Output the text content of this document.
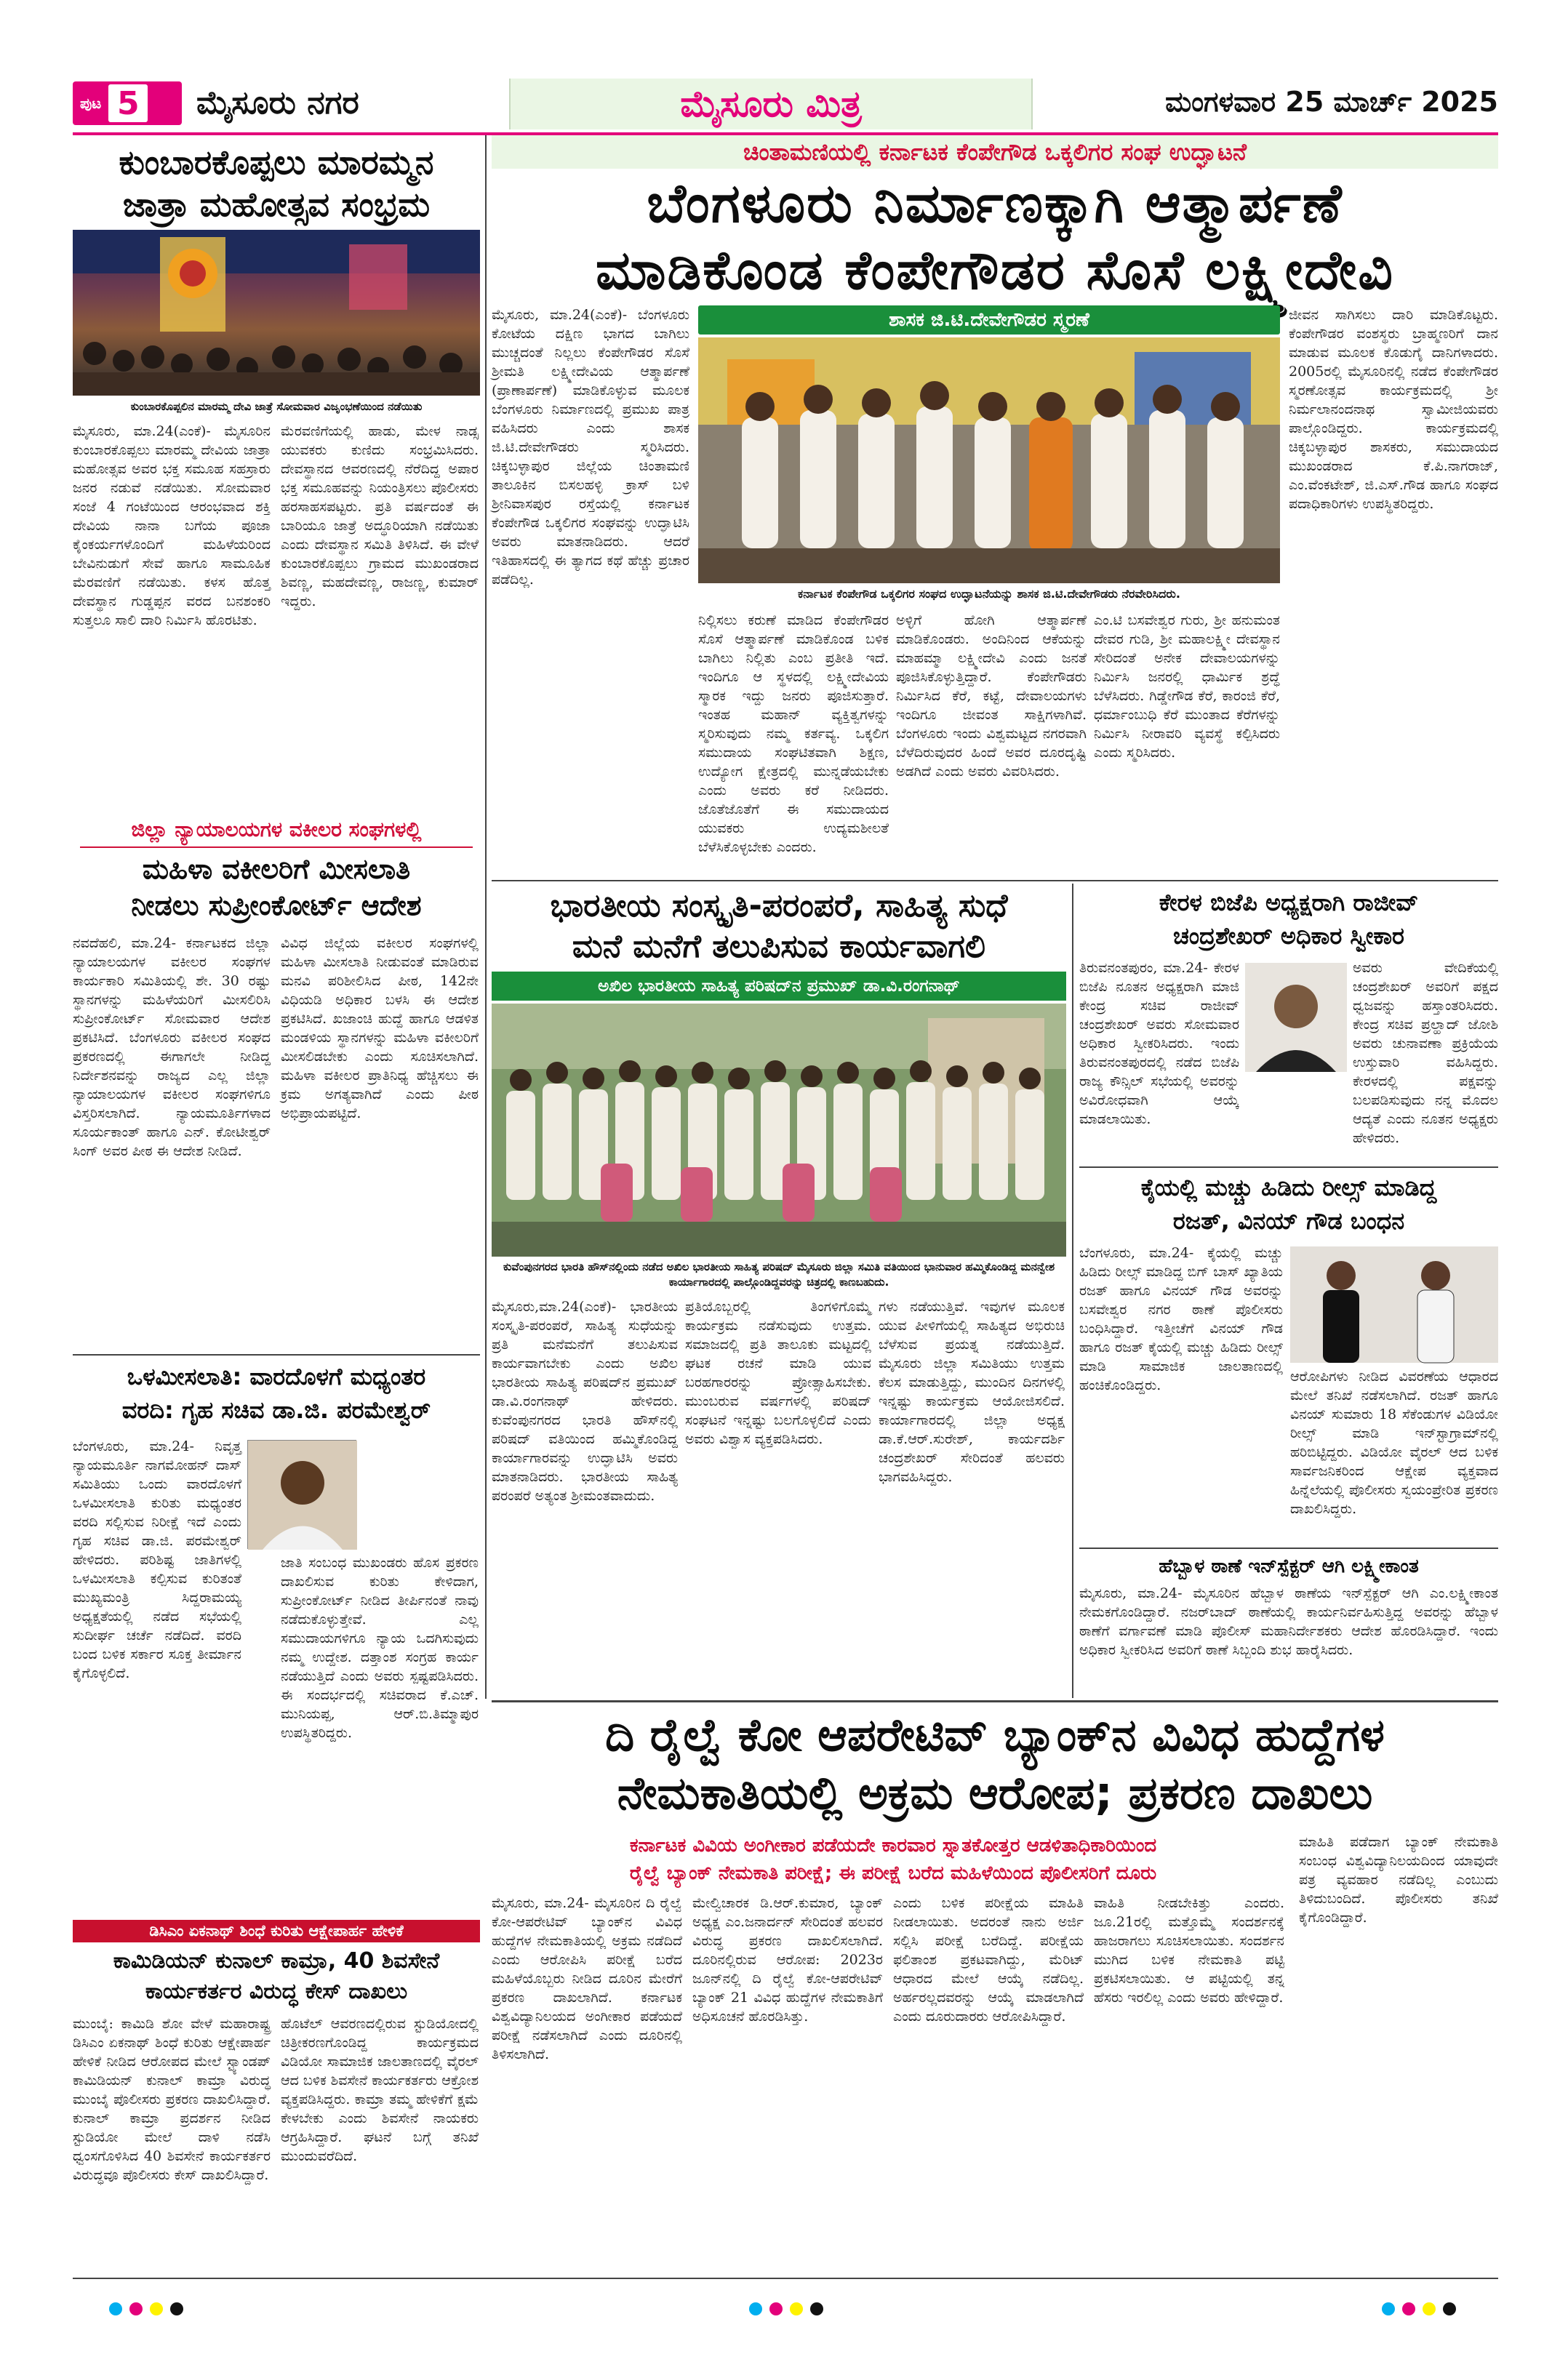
ಪುಟ 5 ಮೈಸೂರು ನಗರ	ಮೈಸೂರು ಮಿತ್ರ	ಮಂಗಳವಾರ 25 ಮಾರ್ಚ್ 2025
ಕುಂಬಾರಕೊಪ್ಪಲು ಮಾರಮ್ಮನ
ಜಾತ್ರಾ ಮಹೋತ್ಸವ ಸಂಭ್ರಮ
ಕುಂಬಾರಕೊಪ್ಪಲಿನ ಮಾರಮ್ಮ ದೇವಿ ಜಾತ್ರೆ ಸೋಮವಾರ ವಿಜೃಂಭಣೆಯಿಂದ ನಡೆಯಿತು
ಮೈಸೂರು, ಮಾ.24(ಎಂಕೆ)- ಮೈಸೂರಿನ ಕುಂಬಾರಕೊಪ್ಪಲು ಮಾರಮ್ಮ ದೇವಿಯ ಜಾತ್ರಾ ಮಹೋತ್ಸವ ಅವರ ಭಕ್ತ ಸಮೂಹ ಸಹಸ್ರಾರು ಜನರ ನಡುವೆ ನಡೆಯಿತು. ಸೋಮವಾರ ಸಂಜೆ 4 ಗಂಟೆಯಿಂದ ಆರಂಭವಾದ ಶಕ್ತಿ ದೇವಿಯ ನಾನಾ ಬಗೆಯ ಪೂಜಾ ಕೈಂಕರ್ಯಗಳೊಂದಿಗೆ ಮಹಿಳೆಯರಿಂದ ಬೇವಿನುಡುಗೆ ಸೇವೆ ಹಾಗೂ ಸಾಮೂಹಿಕ ಮೆರವಣಿಗೆ ನಡೆಯಿತು. ಕಳಸ ಹೊತ್ತ ದೇವಸ್ಥಾನ ಗುಡ್ಡಪ್ಪನ ವರದ ಬನಶಂಕರಿ ಸುತ್ತಲೂ ಸಾಲಿ ದಾರಿ ನಿರ್ಮಿಸಿ ಹೊರಟಿತು.
ಮೆರವಣಿಗೆಯಲ್ಲಿ ಹಾಡು, ಮೇಳ ನಾಡ್ಸ ಯುವಕರು ಕುಣಿದು ಸಂಭ್ರಮಿಸಿದರು. ದೇವಸ್ಥಾನದ ಆವರಣದಲ್ಲಿ ನೆರೆದಿದ್ದ ಅಪಾರ ಭಕ್ತ ಸಮೂಹವನ್ನು ನಿಯಂತ್ರಿಸಲು ಪೊಲೀಸರು ಹರಸಾಹಸಪಟ್ಟರು. ಪ್ರತಿ ವರ್ಷದಂತೆ ಈ ಬಾರಿಯೂ ಜಾತ್ರೆ ಅದ್ಧೂರಿಯಾಗಿ ನಡೆಯಿತು ಎಂದು ದೇವಸ್ಥಾನ ಸಮಿತಿ ತಿಳಿಸಿದೆ. ಈ ವೇಳೆ ಕುಂಬಾರಕೊಪ್ಪಲು ಗ್ರಾಮದ ಮುಖಂಡರಾದ ಶಿವಣ್ಣ, ಮಹದೇವಣ್ಣ, ರಾಜಣ್ಣ, ಕುಮಾರ್ ಇದ್ದರು.
ಜಿಲ್ಲಾ ನ್ಯಾಯಾಲಯಗಳ ವಕೀಲರ ಸಂಘಗಳಲ್ಲಿ
ಮಹಿಳಾ ವಕೀಲರಿಗೆ ಮೀಸಲಾತಿ
ನೀಡಲು ಸುಪ್ರೀಂಕೋರ್ಟ್ ಆದೇಶ
ನವದೆಹಲಿ, ಮಾ.24- ಕರ್ನಾಟಕದ ಜಿಲ್ಲಾ ನ್ಯಾಯಾಲಯಗಳ ವಕೀಲರ ಸಂಘಗಳ ಕಾರ್ಯಕಾರಿ ಸಮಿತಿಯಲ್ಲಿ ಶೇ. 30 ರಷ್ಟು ಸ್ಥಾನಗಳನ್ನು ಮಹಿಳೆಯರಿಗೆ ಮೀಸಲಿರಿಸಿ ಸುಪ್ರೀಂಕೋರ್ಟ್ ಸೋಮವಾರ ಆದೇಶ ಪ್ರಕಟಿಸಿದೆ. ಬೆಂಗಳೂರು ವಕೀಲರ ಸಂಘದ ಪ್ರಕರಣದಲ್ಲಿ ಈಗಾಗಲೇ ನೀಡಿದ್ದ ನಿರ್ದೇಶನವನ್ನು ರಾಜ್ಯದ ಎಲ್ಲ ಜಿಲ್ಲಾ ನ್ಯಾಯಾಲಯಗಳ ವಕೀಲರ ಸಂಘಗಳಿಗೂ ವಿಸ್ತರಿಸಲಾಗಿದೆ. ನ್ಯಾಯಮೂರ್ತಿಗಳಾದ ಸೂರ್ಯಕಾಂತ್ ಹಾಗೂ ಎನ್. ಕೋಟೀಶ್ವರ್ ಸಿಂಗ್ ಅವರ ಪೀಠ ಈ ಆದೇಶ ನೀಡಿದೆ.
ವಿವಿಧ ಜಿಲ್ಲೆಯ ವಕೀಲರ ಸಂಘಗಳಲ್ಲಿ ಮಹಿಳಾ ಮೀಸಲಾತಿ ನೀಡುವಂತೆ ಮಾಡಿರುವ ಮನವಿ ಪರಿಶೀಲಿಸಿದ ಪೀಠ, 142ನೇ ವಿಧಿಯಡಿ ಅಧಿಕಾರ ಬಳಸಿ ಈ ಆದೇಶ ಪ್ರಕಟಿಸಿದೆ. ಖಜಾಂಚಿ ಹುದ್ದೆ ಹಾಗೂ ಆಡಳಿತ ಮಂಡಳಿಯ ಸ್ಥಾನಗಳನ್ನು ಮಹಿಳಾ ವಕೀಲರಿಗೆ ಮೀಸಲಿಡಬೇಕು ಎಂದು ಸೂಚಿಸಲಾಗಿದೆ. ಮಹಿಳಾ ವಕೀಲರ ಪ್ರಾತಿನಿಧ್ಯ ಹೆಚ್ಚಿಸಲು ಈ ಕ್ರಮ ಅಗತ್ಯವಾಗಿದೆ ಎಂದು ಪೀಠ ಅಭಿಪ್ರಾಯಪಟ್ಟಿದೆ.
ಒಳಮೀಸಲಾತಿ: ವಾರದೊಳಗೆ ಮಧ್ಯಂತರ
ವರದಿ: ಗೃಹ ಸಚಿವ ಡಾ.ಜಿ. ಪರಮೇಶ್ವರ್
ಬೆಂಗಳೂರು, ಮಾ.24- ನಿವೃತ್ತ ನ್ಯಾಯಮೂರ್ತಿ ನಾಗಮೋಹನ್ ದಾಸ್ ಸಮಿತಿಯು ಒಂದು ವಾರದೊಳಗೆ ಒಳಮೀಸಲಾತಿ ಕುರಿತು ಮಧ್ಯಂತರ ವರದಿ ಸಲ್ಲಿಸುವ ನಿರೀಕ್ಷೆ ಇದೆ ಎಂದು ಗೃಹ ಸಚಿವ ಡಾ.ಜಿ. ಪರಮೇಶ್ವರ್ ಹೇಳಿದರು. ಪರಿಶಿಷ್ಟ ಜಾತಿಗಳಲ್ಲಿ ಒಳಮೀಸಲಾತಿ ಕಲ್ಪಿಸುವ ಕುರಿತಂತೆ ಮುಖ್ಯಮಂತ್ರಿ ಸಿದ್ದರಾಮಯ್ಯ ಅಧ್ಯಕ್ಷತೆಯಲ್ಲಿ ನಡೆದ ಸಭೆಯಲ್ಲಿ ಸುದೀರ್ಘ ಚರ್ಚೆ ನಡೆದಿದೆ. ವರದಿ ಬಂದ ಬಳಿಕ ಸರ್ಕಾರ ಸೂಕ್ತ ತೀರ್ಮಾನ ಕೈಗೊಳ್ಳಲಿದೆ.
ಜಾತಿ ಸಂಬಂಧ ಮುಖಂಡರು ಹೊಸ ಪ್ರಕರಣ ದಾಖಲಿಸುವ ಕುರಿತು ಕೇಳಿದಾಗ, ಸುಪ್ರೀಂಕೋರ್ಟ್ ನೀಡಿದ ತೀರ್ಪಿನಂತೆ ನಾವು ನಡೆದುಕೊಳ್ಳುತ್ತೇವೆ. ಎಲ್ಲ ಸಮುದಾಯಗಳಿಗೂ ನ್ಯಾಯ ಒದಗಿಸುವುದು ನಮ್ಮ ಉದ್ದೇಶ. ದತ್ತಾಂಶ ಸಂಗ್ರಹ ಕಾರ್ಯ ನಡೆಯುತ್ತಿದೆ ಎಂದು ಅವರು ಸ್ಪಷ್ಟಪಡಿಸಿದರು. ಈ ಸಂದರ್ಭದಲ್ಲಿ ಸಚಿವರಾದ ಕೆ.ಎಚ್. ಮುನಿಯಪ್ಪ, ಆರ್.ಬಿ.ತಿಮ್ಮಾಪುರ ಉಪಸ್ಥಿತರಿದ್ದರು.
ಡಿಸಿಎಂ ಏಕನಾಥ್ ಶಿಂಧೆ ಕುರಿತು ಆಕ್ಷೇಪಾರ್ಹ ಹೇಳಿಕೆ
ಕಾಮಿಡಿಯನ್ ಕುನಾಲ್ ಕಾಮ್ರಾ, 40 ಶಿವಸೇನೆ
ಕಾರ್ಯಕರ್ತರ ವಿರುದ್ಧ ಕೇಸ್ ದಾಖಲು
ಮುಂಬೈ: ಕಾಮಿಡಿ ಶೋ ವೇಳೆ ಮಹಾರಾಷ್ಟ್ರ ಡಿಸಿಎಂ ಏಕನಾಥ್ ಶಿಂಧೆ ಕುರಿತು ಆಕ್ಷೇಪಾರ್ಹ ಹೇಳಿಕೆ ನೀಡಿದ ಆರೋಪದ ಮೇಲೆ ಸ್ಟ್ಯಾಂಡಪ್ ಕಾಮಿಡಿಯನ್ ಕುನಾಲ್ ಕಾಮ್ರಾ ವಿರುದ್ಧ ಮುಂಬೈ ಪೊಲೀಸರು ಪ್ರಕರಣ ದಾಖಲಿಸಿದ್ದಾರೆ. ಕುನಾಲ್ ಕಾಮ್ರಾ ಪ್ರದರ್ಶನ ನೀಡಿದ ಸ್ಟುಡಿಯೋ ಮೇಲೆ ದಾಳಿ ನಡೆಸಿ ಧ್ವಂಸಗೊಳಿಸಿದ 40 ಶಿವಸೇನೆ ಕಾರ್ಯಕರ್ತರ ವಿರುದ್ಧವೂ ಪೊಲೀಸರು ಕೇಸ್ ದಾಖಲಿಸಿದ್ದಾರೆ.
ಹೊಟೆಲ್ ಆವರಣದಲ್ಲಿರುವ ಸ್ಟುಡಿಯೋದಲ್ಲಿ ಚಿತ್ರೀಕರಣಗೊಂಡಿದ್ದ ಕಾರ್ಯಕ್ರಮದ ವಿಡಿಯೋ ಸಾಮಾಜಿಕ ಜಾಲತಾಣದಲ್ಲಿ ವೈರಲ್ ಆದ ಬಳಿಕ ಶಿವಸೇನೆ ಕಾರ್ಯಕರ್ತರು ಆಕ್ರೋಶ ವ್ಯಕ್ತಪಡಿಸಿದ್ದರು. ಕಾಮ್ರಾ ತಮ್ಮ ಹೇಳಿಕೆಗೆ ಕ್ಷಮೆ ಕೇಳಬೇಕು ಎಂದು ಶಿವಸೇನೆ ನಾಯಕರು ಆಗ್ರಹಿಸಿದ್ದಾರೆ. ಘಟನೆ ಬಗ್ಗೆ ತನಿಖೆ ಮುಂದುವರೆದಿದೆ.
ಚಿಂತಾಮಣಿಯಲ್ಲಿ ಕರ್ನಾಟಕ ಕೆಂಪೇಗೌಡ ಒಕ್ಕಲಿಗರ ಸಂಘ ಉದ್ಘಾಟನೆ
ಬೆಂಗಳೂರು ನಿರ್ಮಾಣಕ್ಕಾಗಿ ಆತ್ಮಾರ್ಪಣೆ
ಮಾಡಿಕೊಂಡ ಕೆಂಪೇಗೌಡರ ಸೊಸೆ ಲಕ್ಷ್ಮೀದೇವಿ
ಶಾಸಕ ಜಿ.ಟಿ.ದೇವೇಗೌಡರ ಸ್ಮರಣೆ
ಮೈಸೂರು, ಮಾ.24(ಎಂಕೆ)- ಬೆಂಗಳೂರು ಕೋಟೆಯ ದಕ್ಷಿಣ ಭಾಗದ ಬಾಗಿಲು ಮುಚ್ಚದಂತೆ ನಿಲ್ಲಲು ಕೆಂಪೇಗೌಡರ ಸೊಸೆ ಶ್ರೀಮತಿ ಲಕ್ಷ್ಮೀದೇವಿಯ ಆತ್ಮಾರ್ಪಣೆ (ಪ್ರಾಣಾರ್ಪಣೆ) ಮಾಡಿಕೊಳ್ಳುವ ಮೂಲಕ ಬೆಂಗಳೂರು ನಿರ್ಮಾಣದಲ್ಲಿ ಪ್ರಮುಖ ಪಾತ್ರ ವಹಿಸಿದರು ಎಂದು ಶಾಸಕ ಜಿ.ಟಿ.ದೇವೇಗೌಡರು ಸ್ಮರಿಸಿದರು. ಚಿಕ್ಕಬಳ್ಳಾಪುರ ಜಿಲ್ಲೆಯ ಚಿಂತಾಮಣಿ ತಾಲೂಕಿನ ಬಿಸಲಹಳ್ಳಿ ಕ್ರಾಸ್ ಬಳಿ ಶ್ರೀನಿವಾಸಪುರ ರಸ್ತೆಯಲ್ಲಿ ಕರ್ನಾಟಕ ಕೆಂಪೇಗೌಡ ಒಕ್ಕಲಿಗರ ಸಂಘವನ್ನು ಉದ್ಘಾಟಿಸಿ ಅವರು ಮಾತನಾಡಿದರು. ಆದರೆ ಇತಿಹಾಸದಲ್ಲಿ ಈ ತ್ಯಾಗದ ಕಥೆ ಹೆಚ್ಚು ಪ್ರಚಾರ ಪಡೆದಿಲ್ಲ.
ಕರ್ನಾಟಕ ಕೆಂಪೇಗೌಡ ಒಕ್ಕಲಿಗರ ಸಂಘದ ಉದ್ಘಾಟನೆಯನ್ನು ಶಾಸಕ ಜಿ.ಟಿ.ದೇವೇಗೌಡರು ನೆರವೇರಿಸಿದರು.
ನಿಲ್ಲಿಸಲು ಕರುಣೆ ಮಾಡಿದ ಕೆಂಪೇಗೌಡರ ಸೊಸೆ ಆತ್ಮಾರ್ಪಣೆ ಮಾಡಿಕೊಂಡ ಬಳಿಕ ಬಾಗಿಲು ನಿಲ್ಲಿತು ಎಂಬ ಪ್ರತೀತಿ ಇದೆ. ಇಂದಿಗೂ ಆ ಸ್ಥಳದಲ್ಲಿ ಲಕ್ಷ್ಮೀದೇವಿಯ ಸ್ಮಾರಕ ಇದ್ದು ಜನರು ಪೂಜಿಸುತ್ತಾರೆ. ಇಂತಹ ಮಹಾನ್ ವ್ಯಕ್ತಿತ್ವಗಳನ್ನು ಸ್ಮರಿಸುವುದು ನಮ್ಮ ಕರ್ತವ್ಯ. ಒಕ್ಕಲಿಗ ಸಮುದಾಯ ಸಂಘಟಿತವಾಗಿ ಶಿಕ್ಷಣ, ಉದ್ಯೋಗ ಕ್ಷೇತ್ರದಲ್ಲಿ ಮುನ್ನಡೆಯಬೇಕು ಎಂದು ಅವರು ಕರೆ ನೀಡಿದರು. ಜೊತೆಜೊತೆಗೆ ಈ ಸಮುದಾಯದ ಯುವಕರು ಉದ್ಯಮಶೀಲತೆ ಬೆಳೆಸಿಕೊಳ್ಳಬೇಕು ಎಂದರು.
ಅಳ್ಳಿಗೆ ಹೋಗಿ ಆತ್ಮಾರ್ಪಣೆ ಮಾಡಿಕೊಂಡರು. ಅಂದಿನಿಂದ ಆಕೆಯನ್ನು ಮಾಹಮ್ಮಾ ಲಕ್ಷ್ಮೀದೇವಿ ಎಂದು ಜನತೆ ಪೂಜಿಸಿಕೊಳ್ಳುತ್ತಿದ್ದಾರೆ. ಕೆಂಪೇಗೌಡರು ನಿರ್ಮಿಸಿದ ಕೆರೆ, ಕಟ್ಟೆ, ದೇವಾಲಯಗಳು ಇಂದಿಗೂ ಜೀವಂತ ಸಾಕ್ಷಿಗಳಾಗಿವೆ. ಬೆಂಗಳೂರು ಇಂದು ವಿಶ್ವಮಟ್ಟದ ನಗರವಾಗಿ ಬೆಳೆದಿರುವುದರ ಹಿಂದೆ ಅವರ ದೂರದೃಷ್ಟಿ ಅಡಗಿದೆ ಎಂದು ಅವರು ವಿವರಿಸಿದರು.
ಎಂ.ಟಿ ಬಸವೇಶ್ವರ ಗುರು, ಶ್ರೀ ಹನುಮಂತ ದೇವರ ಗುಡಿ, ಶ್ರೀ ಮಹಾಲಕ್ಷ್ಮೀ ದೇವಸ್ಥಾನ ಸೇರಿದಂತೆ ಅನೇಕ ದೇವಾಲಯಗಳನ್ನು ನಿರ್ಮಿಸಿ ಜನರಲ್ಲಿ ಧಾರ್ಮಿಕ ಶ್ರದ್ಧೆ ಬೆಳೆಸಿದರು. ಗಿಡ್ಡೇಗೌಡ ಕೆರೆ, ಕಾರಂಜಿ ಕೆರೆ, ಧರ್ಮಾಂಬುಧಿ ಕೆರೆ ಮುಂತಾದ ಕೆರೆಗಳನ್ನು ನಿರ್ಮಿಸಿ ನೀರಾವರಿ ವ್ಯವಸ್ಥೆ ಕಲ್ಪಿಸಿದರು ಎಂದು ಸ್ಮರಿಸಿದರು.
ಜೀವನ ಸಾಗಿಸಲು ದಾರಿ ಮಾಡಿಕೊಟ್ಟರು. ಕೆಂಪೇಗೌಡರ ವಂಶಸ್ಥರು ಬ್ರಾಹ್ಮಣರಿಗೆ ದಾನ ಮಾಡುವ ಮೂಲಕ ಕೊಡುಗೈ ದಾನಿಗಳಾದರು. 2005ರಲ್ಲಿ ಮೈಸೂರಿನಲ್ಲಿ ನಡೆದ ಕೆಂಪೇಗೌಡರ ಸ್ಮರಣೋತ್ಸವ ಕಾರ್ಯಕ್ರಮದಲ್ಲಿ ಶ್ರೀ ನಿರ್ಮಲಾನಂದನಾಥ ಸ್ವಾಮೀಜಿಯವರು ಪಾಲ್ಗೊಂಡಿದ್ದರು. ಕಾರ್ಯಕ್ರಮದಲ್ಲಿ ಚಿಕ್ಕಬಳ್ಳಾಪುರ ಶಾಸಕರು, ಸಮುದಾಯದ ಮುಖಂಡರಾದ ಕೆ.ಪಿ.ನಾಗರಾಜ್, ಎಂ.ವೆಂಕಟೇಶ್, ಜಿ.ಎಸ್.ಗೌಡ ಹಾಗೂ ಸಂಘದ ಪದಾಧಿಕಾರಿಗಳು ಉಪಸ್ಥಿತರಿದ್ದರು.
ಭಾರತೀಯ ಸಂಸ್ಕೃತಿ-ಪರಂಪರೆ, ಸಾಹಿತ್ಯ ಸುಧೆ
ಮನೆ ಮನೆಗೆ ತಲುಪಿಸುವ ಕಾರ್ಯವಾಗಲಿ
ಅಖಿಲ ಭಾರತೀಯ ಸಾಹಿತ್ಯ ಪರಿಷದ್‌ನ ಪ್ರಮುಖ್ ಡಾ.ವಿ.ರಂಗನಾಥ್
ಕುವೆಂಪುನಗರದ ಭಾರತಿ ಹೌಸ್‌ನಲ್ಲಿಂದು ನಡೆದ ಅಖಿಲ ಭಾರತೀಯ ಸಾಹಿತ್ಯ ಪರಿಷದ್ ಮೈಸೂರು ಜಿಲ್ಲಾ ಸಮಿತಿ ವತಿಯಿಂದ ಭಾನುವಾರ ಹಮ್ಮಿಕೊಂಡಿದ್ದ ಮನನ್ವೇಶ ಕಾರ್ಯಾಗಾರದಲ್ಲಿ ಪಾಲ್ಗೊಂಡಿದ್ದವರನ್ನು ಚಿತ್ರದಲ್ಲಿ ಕಾಣಬಹುದು.
ಮೈಸೂರು,ಮಾ.24(ಎಂಕೆ)- ಭಾರತೀಯ ಸಂಸ್ಕೃತಿ-ಪರಂಪರೆ, ಸಾಹಿತ್ಯ ಸುಧೆಯನ್ನು ಪ್ರತಿ ಮನೆಮನೆಗೆ ತಲುಪಿಸುವ ಕಾರ್ಯವಾಗಬೇಕು ಎಂದು ಅಖಿಲ ಭಾರತೀಯ ಸಾಹಿತ್ಯ ಪರಿಷದ್‌ನ ಪ್ರಮುಖ್ ಡಾ.ವಿ.ರಂಗನಾಥ್ ಹೇಳಿದರು. ಕುವೆಂಪುನಗರದ ಭಾರತಿ ಹೌಸ್‌ನಲ್ಲಿ ಪರಿಷದ್ ವತಿಯಿಂದ ಹಮ್ಮಿಕೊಂಡಿದ್ದ ಕಾರ್ಯಾಗಾರವನ್ನು ಉದ್ಘಾಟಿಸಿ ಅವರು ಮಾತನಾಡಿದರು. ಭಾರತೀಯ ಸಾಹಿತ್ಯ ಪರಂಪರೆ ಅತ್ಯಂತ ಶ್ರೀಮಂತವಾದುದು.
ಪ್ರತಿಯೊಬ್ಬರಲ್ಲಿ ತಿಂಗಳಿಗೊಮ್ಮೆ ಕಾರ್ಯಕ್ರಮ ನಡೆಸುವುದು ಉತ್ತಮ. ಸಮಾಜದಲ್ಲಿ ಪ್ರತಿ ತಾಲೂಕು ಮಟ್ಟದಲ್ಲಿ ಘಟಕ ರಚನೆ ಮಾಡಿ ಯುವ ಬರಹಗಾರರನ್ನು ಪ್ರೋತ್ಸಾಹಿಸಬೇಕು. ಮುಂಬರುವ ವರ್ಷಗಳಲ್ಲಿ ಪರಿಷದ್ ಸಂಘಟನೆ ಇನ್ನಷ್ಟು ಬಲಗೊಳ್ಳಲಿದೆ ಎಂದು ಅವರು ವಿಶ್ವಾಸ ವ್ಯಕ್ತಪಡಿಸಿದರು.
ಗಳು ನಡೆಯುತ್ತಿವೆ. ಇವುಗಳ ಮೂಲಕ ಯುವ ಪೀಳಿಗೆಯಲ್ಲಿ ಸಾಹಿತ್ಯದ ಅಭಿರುಚಿ ಬೆಳೆಸುವ ಪ್ರಯತ್ನ ನಡೆಯುತ್ತಿದೆ. ಮೈಸೂರು ಜಿಲ್ಲಾ ಸಮಿತಿಯು ಉತ್ತಮ ಕೆಲಸ ಮಾಡುತ್ತಿದ್ದು, ಮುಂದಿನ ದಿನಗಳಲ್ಲಿ ಇನ್ನಷ್ಟು ಕಾರ್ಯಕ್ರಮ ಆಯೋಜಿಸಲಿದೆ. ಕಾರ್ಯಾಗಾರದಲ್ಲಿ ಜಿಲ್ಲಾ ಅಧ್ಯಕ್ಷ ಡಾ.ಕೆ.ಆರ್.ಸುರೇಶ್, ಕಾರ್ಯದರ್ಶಿ ಚಂದ್ರಶೇಖರ್ ಸೇರಿದಂತೆ ಹಲವರು ಭಾಗವಹಿಸಿದ್ದರು.
ಕೇರಳ ಬಿಜೆಪಿ ಅಧ್ಯಕ್ಷರಾಗಿ ರಾಜೀವ್
ಚಂದ್ರಶೇಖರ್ ಅಧಿಕಾರ ಸ್ವೀಕಾರ
ತಿರುವನಂತಪುರಂ, ಮಾ.24- ಕೇರಳ ಬಿಜೆಪಿ ನೂತನ ಅಧ್ಯಕ್ಷರಾಗಿ ಮಾಜಿ ಕೇಂದ್ರ ಸಚಿವ ರಾಜೀವ್ ಚಂದ್ರಶೇಖರ್ ಅವರು ಸೋಮವಾರ ಅಧಿಕಾರ ಸ್ವೀಕರಿಸಿದರು. ಇಂದು ತಿರುವನಂತಪುರದಲ್ಲಿ ನಡೆದ ಬಿಜೆಪಿ ರಾಜ್ಯ ಕೌನ್ಸಿಲ್ ಸಭೆಯಲ್ಲಿ ಅವರನ್ನು ಅವಿರೋಧವಾಗಿ ಆಯ್ಕೆ ಮಾಡಲಾಯಿತು.
ಅವರು ವೇದಿಕೆಯಲ್ಲಿ ಚಂದ್ರಶೇಖರ್ ಅವರಿಗೆ ಪಕ್ಷದ ಧ್ವಜವನ್ನು ಹಸ್ತಾಂತರಿಸಿದರು. ಕೇಂದ್ರ ಸಚಿವ ಪ್ರಲ್ಹಾದ್ ಜೋಶಿ ಅವರು ಚುನಾವಣಾ ಪ್ರಕ್ರಿಯೆಯ ಉಸ್ತುವಾರಿ ವಹಿಸಿದ್ದರು. ಕೇರಳದಲ್ಲಿ ಪಕ್ಷವನ್ನು ಬಲಪಡಿಸುವುದು ನನ್ನ ಮೊದಲ ಆದ್ಯತೆ ಎಂದು ನೂತನ ಅಧ್ಯಕ್ಷರು ಹೇಳಿದರು.
ಕೈಯಲ್ಲಿ ಮಚ್ಚು ಹಿಡಿದು ರೀಲ್ಸ್ ಮಾಡಿದ್ದ
ರಜತ್, ವಿನಯ್ ಗೌಡ ಬಂಧನ
ಬೆಂಗಳೂರು, ಮಾ.24- ಕೈಯಲ್ಲಿ ಮಚ್ಚು ಹಿಡಿದು ರೀಲ್ಸ್ ಮಾಡಿದ್ದ ಬಿಗ್ ಬಾಸ್ ಖ್ಯಾತಿಯ ರಜತ್ ಹಾಗೂ ವಿನಯ್ ಗೌಡ ಅವರನ್ನು ಬಸವೇಶ್ವರ ನಗರ ಠಾಣೆ ಪೊಲೀಸರು ಬಂಧಿಸಿದ್ದಾರೆ. ಇತ್ತೀಚೆಗೆ ವಿನಯ್ ಗೌಡ ಹಾಗೂ ರಜತ್ ಕೈಯಲ್ಲಿ ಮಚ್ಚು ಹಿಡಿದು ರೀಲ್ಸ್ ಮಾಡಿ ಸಾಮಾಜಿಕ ಜಾಲತಾಣದಲ್ಲಿ ಹಂಚಿಕೊಂಡಿದ್ದರು.
ಆರೋಪಿಗಳು ನೀಡಿದ ವಿವರಣೆಯ ಆಧಾರದ ಮೇಲೆ ತನಿಖೆ ನಡೆಸಲಾಗಿದೆ. ರಜತ್ ಹಾಗೂ ವಿನಯ್ ಸುಮಾರು 18 ಸೆಕೆಂಡುಗಳ ವಿಡಿಯೋ ರೀಲ್ಸ್ ಮಾಡಿ ಇನ್‌ಸ್ಟಾಗ್ರಾಮ್‌ನಲ್ಲಿ ಹರಿಬಿಟ್ಟಿದ್ದರು. ವಿಡಿಯೋ ವೈರಲ್ ಆದ ಬಳಿಕ ಸಾರ್ವಜನಿಕರಿಂದ ಆಕ್ಷೇಪ ವ್ಯಕ್ತವಾದ ಹಿನ್ನೆಲೆಯಲ್ಲಿ ಪೊಲೀಸರು ಸ್ವಯಂಪ್ರೇರಿತ ಪ್ರಕರಣ ದಾಖಲಿಸಿದ್ದರು.
ಹೆಬ್ಬಾಳ ಠಾಣೆ ಇನ್‌ಸ್ಪೆಕ್ಟರ್ ಆಗಿ ಲಕ್ಷ್ಮೀಕಾಂತ
ಮೈಸೂರು, ಮಾ.24- ಮೈಸೂರಿನ ಹೆಬ್ಬಾಳ ಠಾಣೆಯ ಇನ್‌ಸ್ಪೆಕ್ಟರ್ ಆಗಿ ಎಂ.ಲಕ್ಷ್ಮೀಕಾಂತ ನೇಮಕಗೊಂಡಿದ್ದಾರೆ. ನಜರ್‌ಬಾದ್ ಠಾಣೆಯಲ್ಲಿ ಕಾರ್ಯನಿರ್ವಹಿಸುತ್ತಿದ್ದ ಅವರನ್ನು ಹೆಬ್ಬಾಳ ಠಾಣೆಗೆ ವರ್ಗಾವಣೆ ಮಾಡಿ ಪೊಲೀಸ್ ಮಹಾನಿರ್ದೇಶಕರು ಆದೇಶ ಹೊರಡಿಸಿದ್ದಾರೆ. ಇಂದು ಅಧಿಕಾರ ಸ್ವೀಕರಿಸಿದ ಅವರಿಗೆ ಠಾಣೆ ಸಿಬ್ಬಂದಿ ಶುಭ ಹಾರೈಸಿದರು.
ದಿ ರೈಲ್ವೆ ಕೋ ಆಪರೇಟಿವ್ ಬ್ಯಾಂಕ್‌ನ ವಿವಿಧ ಹುದ್ದೆಗಳ
ನೇಮಕಾತಿಯಲ್ಲಿ ಅಕ್ರಮ ಆರೋಪ; ಪ್ರಕರಣ ದಾಖಲು
ಕರ್ನಾಟಕ ವಿವಿಯ ಅಂಗೀಕಾರ ಪಡೆಯದೇ ಕಾರವಾರ ಸ್ನಾತಕೋತ್ತರ ಆಡಳಿತಾಧಿಕಾರಿಯಿಂದ
ರೈಲ್ವೆ ಬ್ಯಾಂಕ್ ನೇಮಕಾತಿ ಪರೀಕ್ಷೆ; ಈ ಪರೀಕ್ಷೆ ಬರೆದ ಮಹಿಳೆಯಿಂದ ಪೊಲೀಸರಿಗೆ ದೂರು
ಮೈಸೂರು, ಮಾ.24- ಮೈಸೂರಿನ ದಿ ರೈಲ್ವೆ ಕೋ-ಆಪರೇಟಿವ್ ಬ್ಯಾಂಕ್‌ನ ವಿವಿಧ ಹುದ್ದೆಗಳ ನೇಮಕಾತಿಯಲ್ಲಿ ಅಕ್ರಮ ನಡೆದಿದೆ ಎಂದು ಆರೋಪಿಸಿ ಪರೀಕ್ಷೆ ಬರೆದ ಮಹಿಳೆಯೊಬ್ಬರು ನೀಡಿದ ದೂರಿನ ಮೇರೆಗೆ ಪ್ರಕರಣ ದಾಖಲಾಗಿದೆ. ಕರ್ನಾಟಕ ವಿಶ್ವವಿದ್ಯಾನಿಲಯದ ಅಂಗೀಕಾರ ಪಡೆಯದೆ ಪರೀಕ್ಷೆ ನಡೆಸಲಾಗಿದೆ ಎಂದು ದೂರಿನಲ್ಲಿ ತಿಳಿಸಲಾಗಿದೆ.
ಮೇಲ್ವಿಚಾರಕ ಡಿ.ಆರ್.ಕುಮಾರ, ಬ್ಯಾಂಕ್ ಅಧ್ಯಕ್ಷ ಎಂ.ಜನಾರ್ದನ್ ಸೇರಿದಂತೆ ಹಲವರ ವಿರುದ್ಧ ಪ್ರಕರಣ ದಾಖಲಿಸಲಾಗಿದೆ. ದೂರಿನಲ್ಲಿರುವ ಆರೋಪ: 2023ರ ಜೂನ್‌ನಲ್ಲಿ ದಿ ರೈಲ್ವೆ ಕೋ-ಆಪರೇಟಿವ್ ಬ್ಯಾಂಕ್ 21 ವಿವಿಧ ಹುದ್ದೆಗಳ ನೇಮಕಾತಿಗೆ ಅಧಿಸೂಚನೆ ಹೊರಡಿಸಿತ್ತು.
ಎಂದು ಬಳಿಕ ಪರೀಕ್ಷೆಯ ಮಾಹಿತಿ ನೀಡಲಾಯಿತು. ಅದರಂತೆ ನಾನು ಅರ್ಜಿ ಸಲ್ಲಿಸಿ ಪರೀಕ್ಷೆ ಬರೆದಿದ್ದೆ. ಪರೀಕ್ಷೆಯ ಫಲಿತಾಂಶ ಪ್ರಕಟವಾಗಿದ್ದು, ಮೆರಿಟ್ ಆಧಾರದ ಮೇಲೆ ಆಯ್ಕೆ ನಡೆದಿಲ್ಲ. ಅರ್ಹರಲ್ಲದವರನ್ನು ಆಯ್ಕೆ ಮಾಡಲಾಗಿದೆ ಎಂದು ದೂರುದಾರರು ಆರೋಪಿಸಿದ್ದಾರೆ.
ವಾಹಿತಿ ನೀಡಬೇಕಿತ್ತು ಎಂದರು. ಜೂ.21ರಲ್ಲಿ ಮತ್ತೊಮ್ಮೆ ಸಂದರ್ಶನಕ್ಕೆ ಹಾಜರಾಗಲು ಸೂಚಿಸಲಾಯಿತು. ಸಂದರ್ಶನ ಮುಗಿದ ಬಳಿಕ ನೇಮಕಾತಿ ಪಟ್ಟಿ ಪ್ರಕಟಿಸಲಾಯಿತು. ಆ ಪಟ್ಟಿಯಲ್ಲಿ ತನ್ನ ಹೆಸರು ಇರಲಿಲ್ಲ ಎಂದು ಅವರು ಹೇಳಿದ್ದಾರೆ.
ಮಾಹಿತಿ ಪಡೆದಾಗ ಬ್ಯಾಂಕ್ ನೇಮಕಾತಿ ಸಂಬಂಧ ವಿಶ್ವವಿದ್ಯಾನಿಲಯದಿಂದ ಯಾವುದೇ ಪತ್ರ ವ್ಯವಹಾರ ನಡೆದಿಲ್ಲ ಎಂಬುದು ತಿಳಿದುಬಂದಿದೆ. ಪೊಲೀಸರು ತನಿಖೆ ಕೈಗೊಂಡಿದ್ದಾರೆ.
